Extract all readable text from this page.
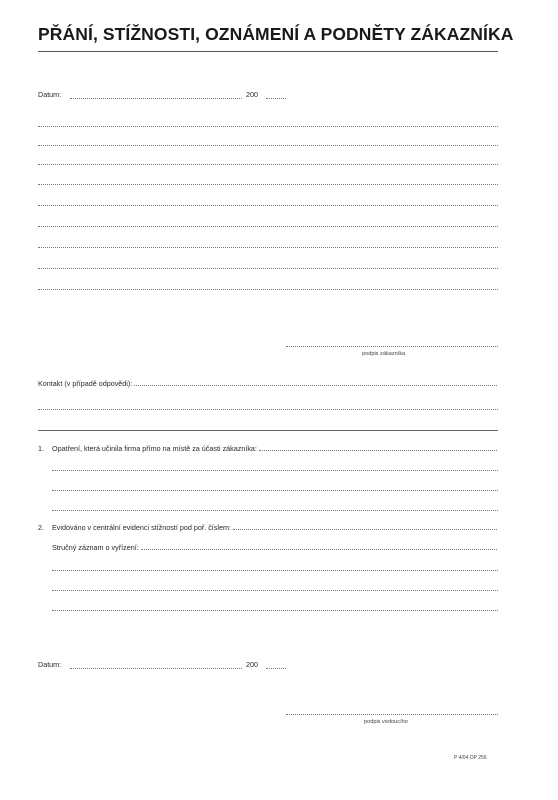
PŘÁNÍ, STÍŽNOSTI, OZNÁMENÍ A PODNĚTY ZÁKAZNÍKA
Datum:	200
podpis zákazníka
Kontakt (v případě odpovědi):
1. Opatření, která učinila firma přímo na místě za účasti zákazníka:
2. Evidováno v centrální evidenci stížností pod poř. číslem:
Stručný záznam o vyřízení:
Datum:	200
podpis vedoucího
P 4/04 OP 256
